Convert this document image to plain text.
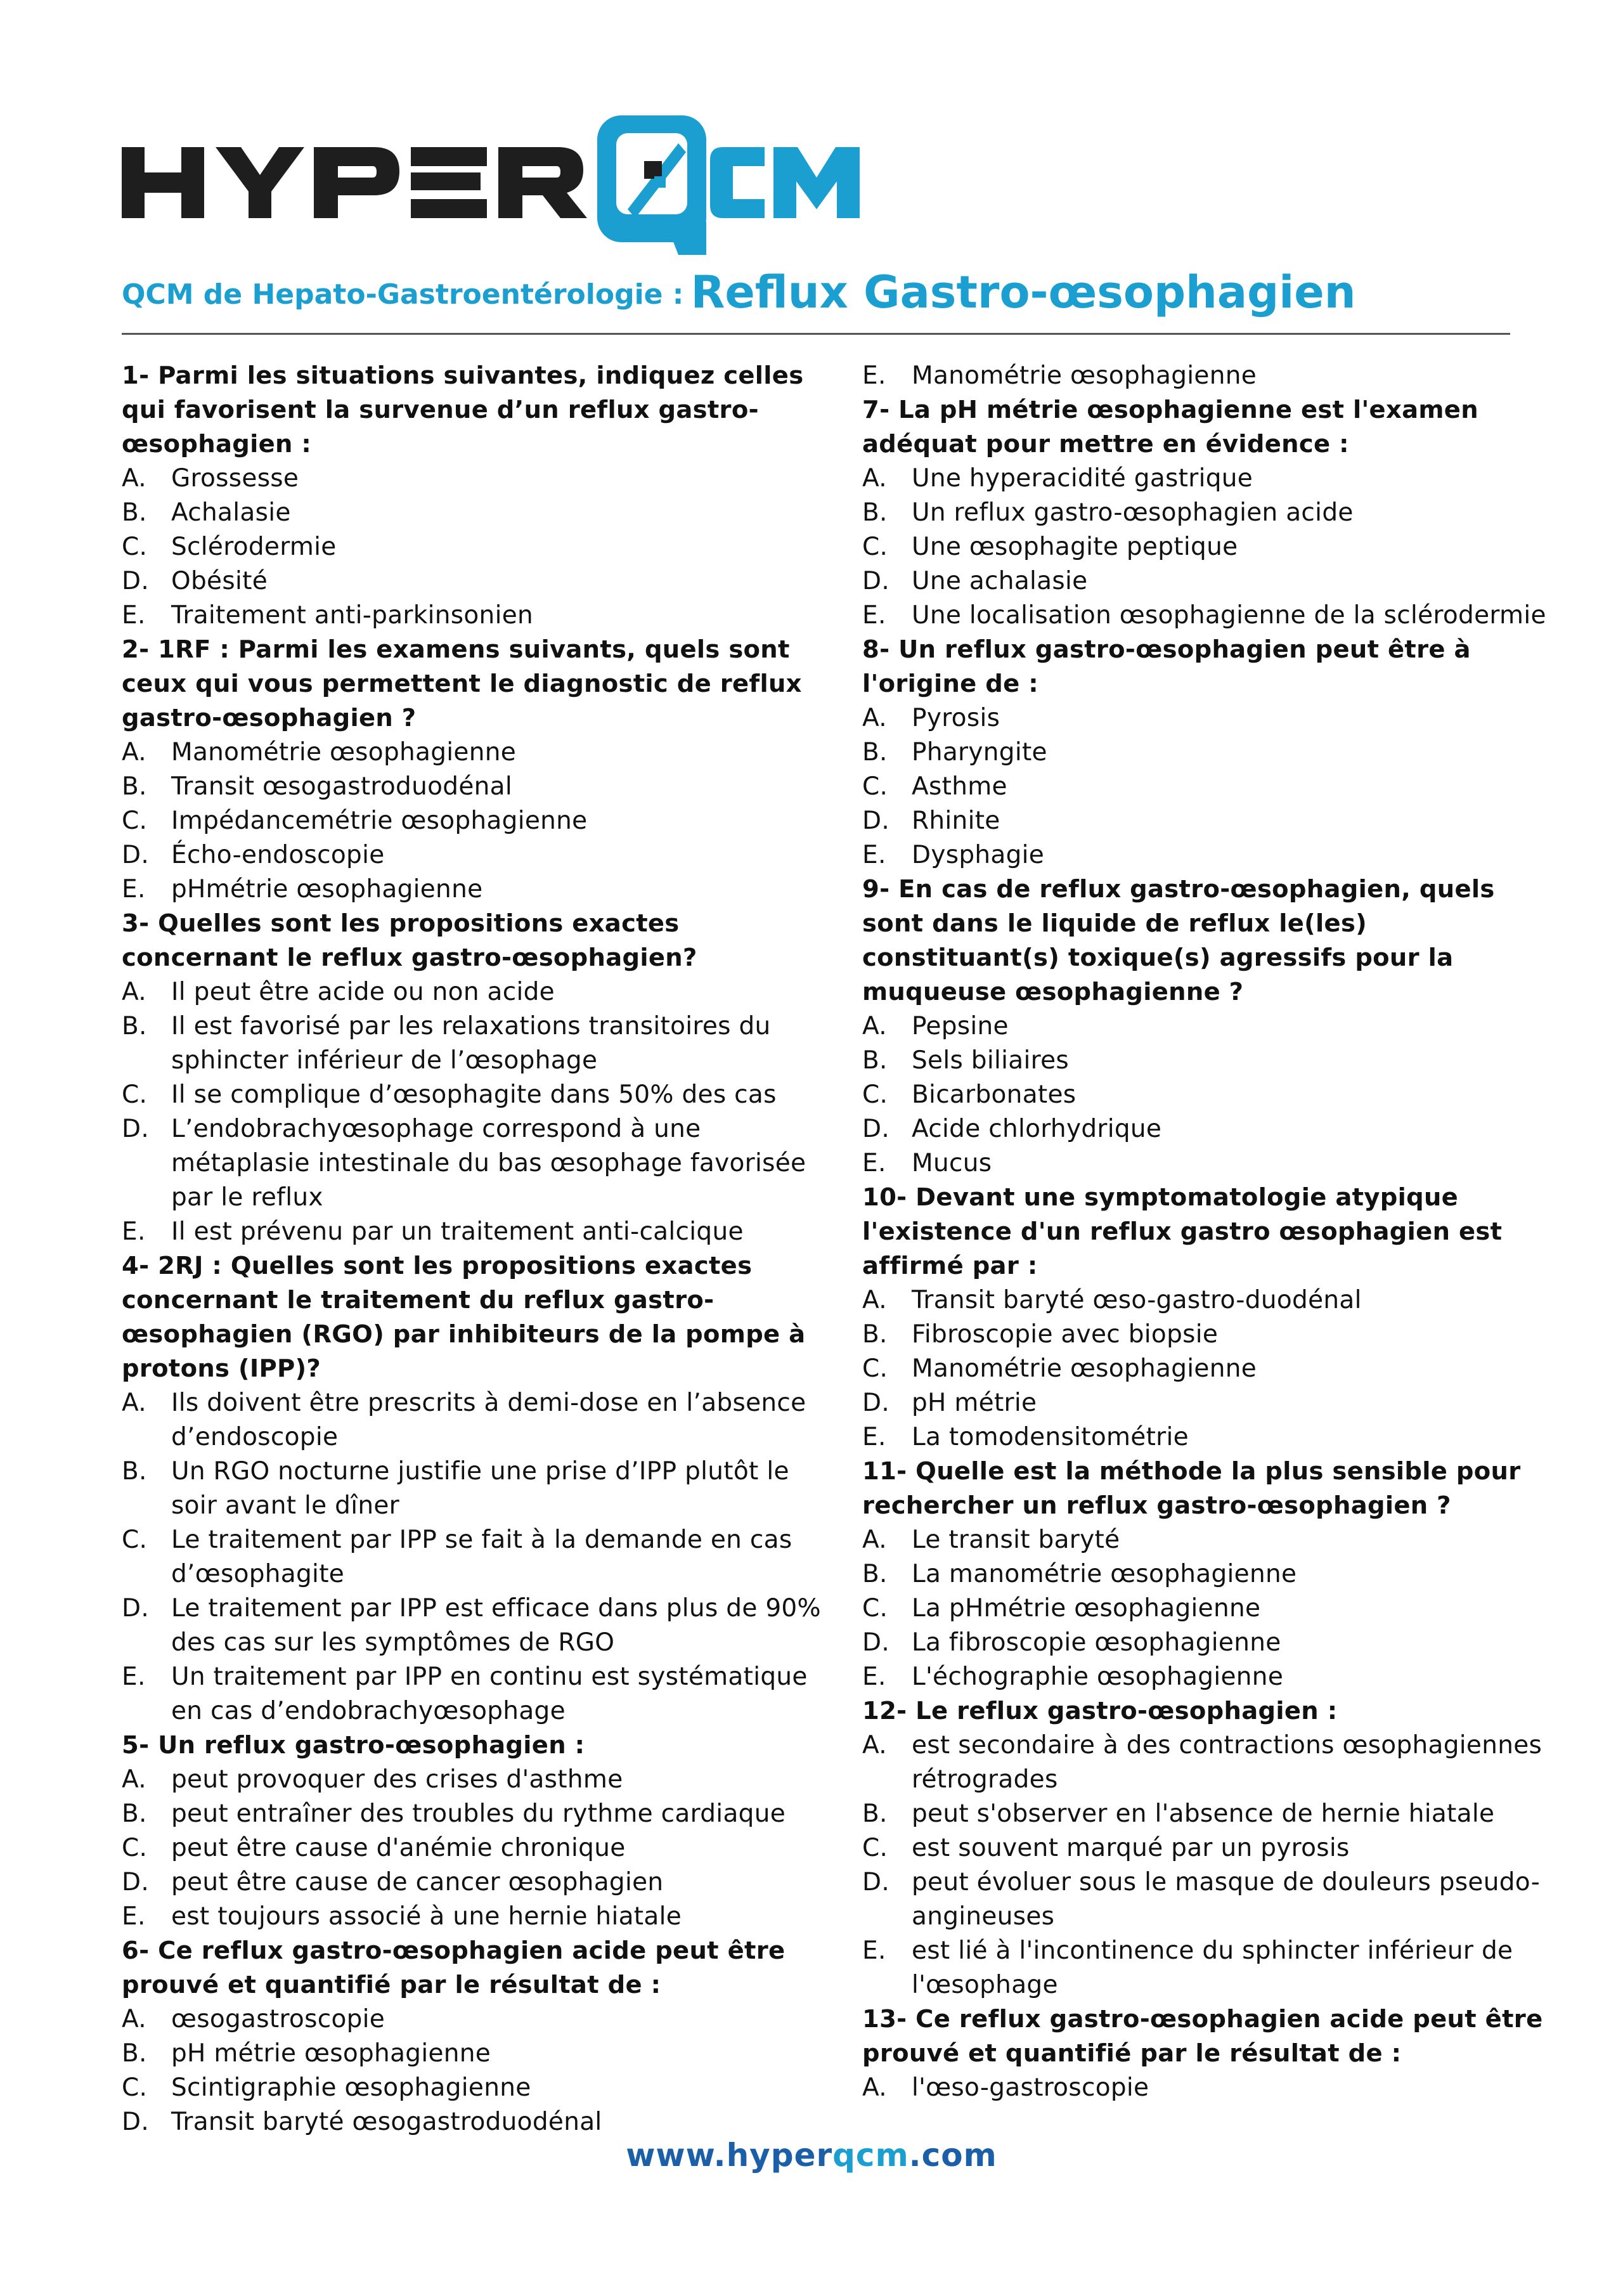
QCM de Hepato-Gastroentérologie : Reflux Gastro-œsophagien
1- Parmi les situations suivantes, indiquez celles qui favorisent la survenue d’un reflux gastro-œsophagien :
A.	Grossesse
B. Achalasie
C. Sclérodermie
D. Obésité
E.	Traitement anti-parkinsonien
2- 1RF : Parmi les examens suivants, quels sont ceux qui vous permettent le diagnostic de reflux gastro-œsophagien ?
A.	Manométrie œsophagienne
B. Transit œsogastroduodénal
C. Impédancemétrie œsophagienne
D. Écho-endoscopie
E.	pHmétrie œsophagienne
3- Quelles sont les propositions exactes concernant le reflux gastro-œsophagien?
A.	Il peut être acide ou non acide
B. Il est favorisé par les relaxations transitoires du sphincter inférieur de l’œsophage
C. Il se complique d’œsophagite dans 50% des cas
D. L’endobrachyœsophage correspond à une métaplasie intestinale du bas œsophage favorisée par le reflux
E.	Il est prévenu par un traitement anti-calcique
4- 2RJ : Quelles sont les propositions exactes concernant le traitement du reflux gastro-œsophagien (RGO) par inhibiteurs de la pompe à protons (IPP)?
A.	Ils doivent être prescrits à demi-dose en l’absence d’endoscopie
B. Un RGO nocturne justifie une prise d’IPP plutôt le soir avant le dîner
C. Le traitement par IPP se fait à la demande en cas d’œsophagite
D. Le traitement par IPP est efficace dans plus de 90% des cas sur les symptômes de RGO
E.	Un traitement par IPP en continu est systématique en cas d’endobrachyœsophage
5- Un reflux gastro-œsophagien :
A.	peut provoquer des crises d'asthme
B. peut entraîner des troubles du rythme cardiaque
C. peut être cause d'anémie chronique
D. peut être cause de cancer œsophagien
E.	est toujours associé à une hernie hiatale
6- Ce reflux gastro-œsophagien acide peut être prouvé et quantifié par le résultat de :
A.	œsogastroscopie
B. pH métrie œsophagienne
C. Scintigraphie œsophagienne
D. Transit baryté œsogastroduodénal
E.	Manométrie œsophagienne
7- La pH métrie œsophagienne est l'examen adéquat pour mettre en évidence :
A.	Une hyperacidité gastrique
B. Un reflux gastro-œsophagien acide
C. Une œsophagite peptique
D. Une achalasie
E.	Une localisation œsophagienne de la sclérodermie
8- Un reflux gastro-œsophagien peut être à l'origine de :
A.	Pyrosis
B. Pharyngite
C. Asthme
D. Rhinite
E.	Dysphagie
9- En cas de reflux gastro-œsophagien, quels sont dans le liquide de reflux le(les) constituant(s) toxique(s) agressifs pour la muqueuse œsophagienne ?
A.	Pepsine
B. Sels biliaires
C. Bicarbonates
D. Acide chlorhydrique
E.	Mucus
10- Devant une symptomatologie atypique l'existence d'un reflux gastro œsophagien est affirmé par :
A.	Transit baryté œso-gastro-duodénal
B. Fibroscopie avec biopsie
C. Manométrie œsophagienne
D. pH métrie
E.	La tomodensitométrie
11- Quelle est la méthode la plus sensible pour rechercher un reflux gastro-œsophagien ?
A.	Le transit baryté
B. La manométrie œsophagienne
C. La pHmétrie œsophagienne
D. La fibroscopie œsophagienne
E.	L'échographie œsophagienne
12- Le reflux gastro-œsophagien :
A.	est secondaire à des contractions œsophagiennes rétrogrades
B. peut s'observer en l'absence de hernie hiatale
C. est souvent marqué par un pyrosis
D. peut évoluer sous le masque de douleurs pseudo-angineuses
E.	est lié à l'incontinence du sphincter inférieur de l'œsophage
13- Ce reflux gastro-œsophagien acide peut être prouvé et quantifié par le résultat de :
A.	l'œso-gastroscopie
www.hyperqcm.com
